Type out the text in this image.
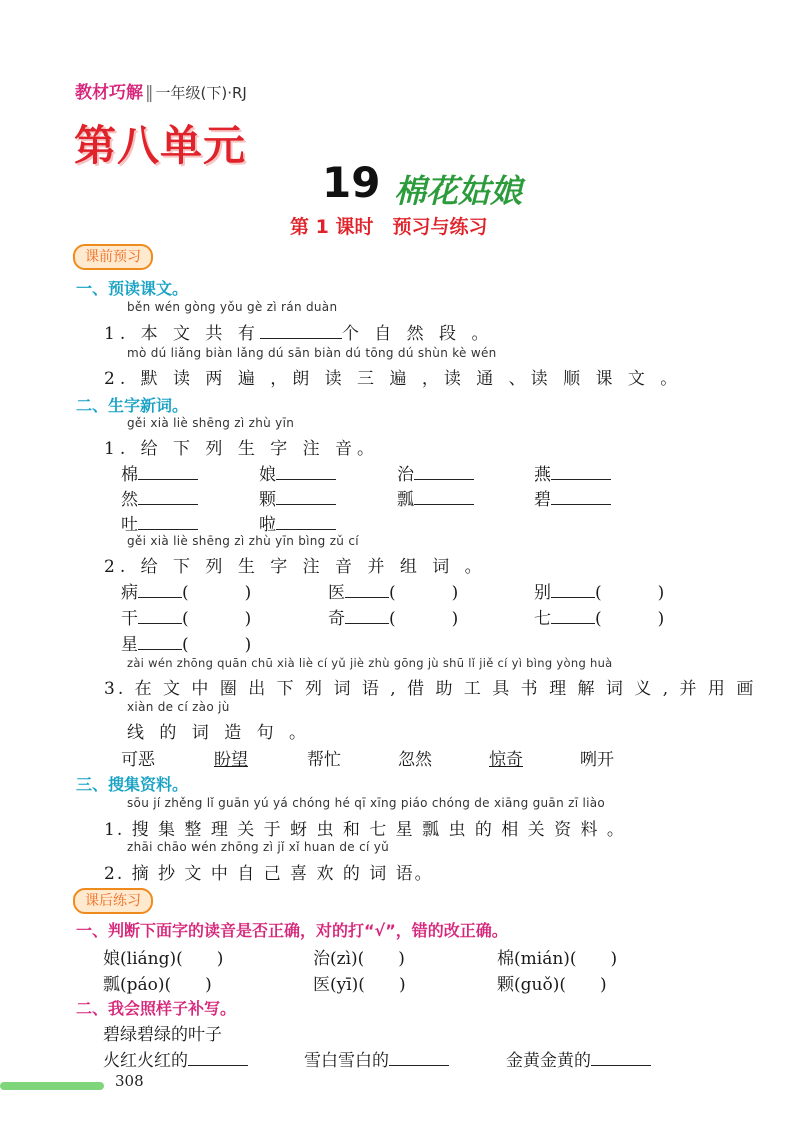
教材巧解 ‖ 一年级(下)·RJ
第八单元
19 棉花姑娘
第 1 课时　预习与练习
课前预习
一、预读课文。
běn wén gòng yǒu gè zì rán duàn
1. 本 文 共 有	个 自 然 段 。
mò dú liǎng biàn lǎng dú sān biàn dú tōng dú shùn kè wén
2. 默 读 两 遍 ，朗 读 三 遍 ，读 通 、读 顺 课 文 。
二、生字新词。
gěi xià liè shēng zì zhù yīn
1. 给 下 列 生 字 注 音。
棉	娘	治	燕
然	颗	瓢	碧
吐	啦
gěi xià liè shēng zì zhù yīn bìng zǔ cí
2. 给 下 列 生 字 注 音 并 组 词 。
病	(	)	医	(	)	别	(	)
干	(	)	奇	(	)	七	(	)
星	(	)
zài wén zhōng quān chū xià liè cí yǔ jiè zhù gōng jù shū lǐ jiě cí yì bìng yòng huà
3. 在 文 中 圈 出 下 列 词 语 , 借 助 工 具 书 理 解 词 义 , 并 用 画
xiàn de cí zào jù
线 的 词 造 句 。
可恶	盼望	帮忙	忽然	惊奇	咧开
三、搜集资料。
sōu jí zhěng lǐ guān yú yá chóng hé qī xīng piáo chóng de xiāng guān zī liào
1. 搜 集 整 理 关 于 蚜 虫 和 七 星 瓢 虫 的 相 关 资 料 。
zhāi chāo wén zhōng zì jǐ xǐ huan de cí yǔ
2. 摘 抄 文 中 自 己 喜 欢 的 词 语。
课后练习
一、判断下面字的读音是否正确，对的打“√”，错的改正确。
娘(liáng)(　　)	治(zì)(　　)	棉(mián)(　　)
瓢(páo)(　　)	医(yī)(　　)	颗(guǒ)(　　)
二、我会照样子补写。
碧绿碧绿的叶子
火红火红的	雪白雪白的	金黄金黄的
308
